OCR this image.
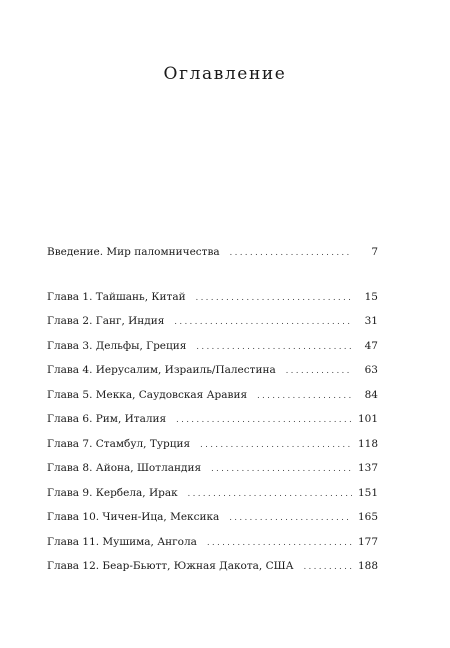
Оглавление
Введение. Мир паломничества . . .	7
Глава 1. Тайшань, Китай . . .	15
Глава 2. Ганг, Индия . . .	31
Глава 3. Дельфы, Греция . . .	47
Глава 4. Иерусалим, Израиль/Палестина . . .	63
Глава 5. Мекка, Саудовская Аравия . . .	84
Глава 6. Рим, Италия . . .	101
Глава 7. Стамбул, Турция . . .	118
Глава 8. Айона, Шотландия . . .	137
Глава 9. Кербела, Ирак . . .	151
Глава 10. Чичен-Ица, Мексика . . .	165
Глава 11. Мушима, Ангола . . .	177
Глава 12. Беар-Бьютт, Южная Дакота, США . . .	188
